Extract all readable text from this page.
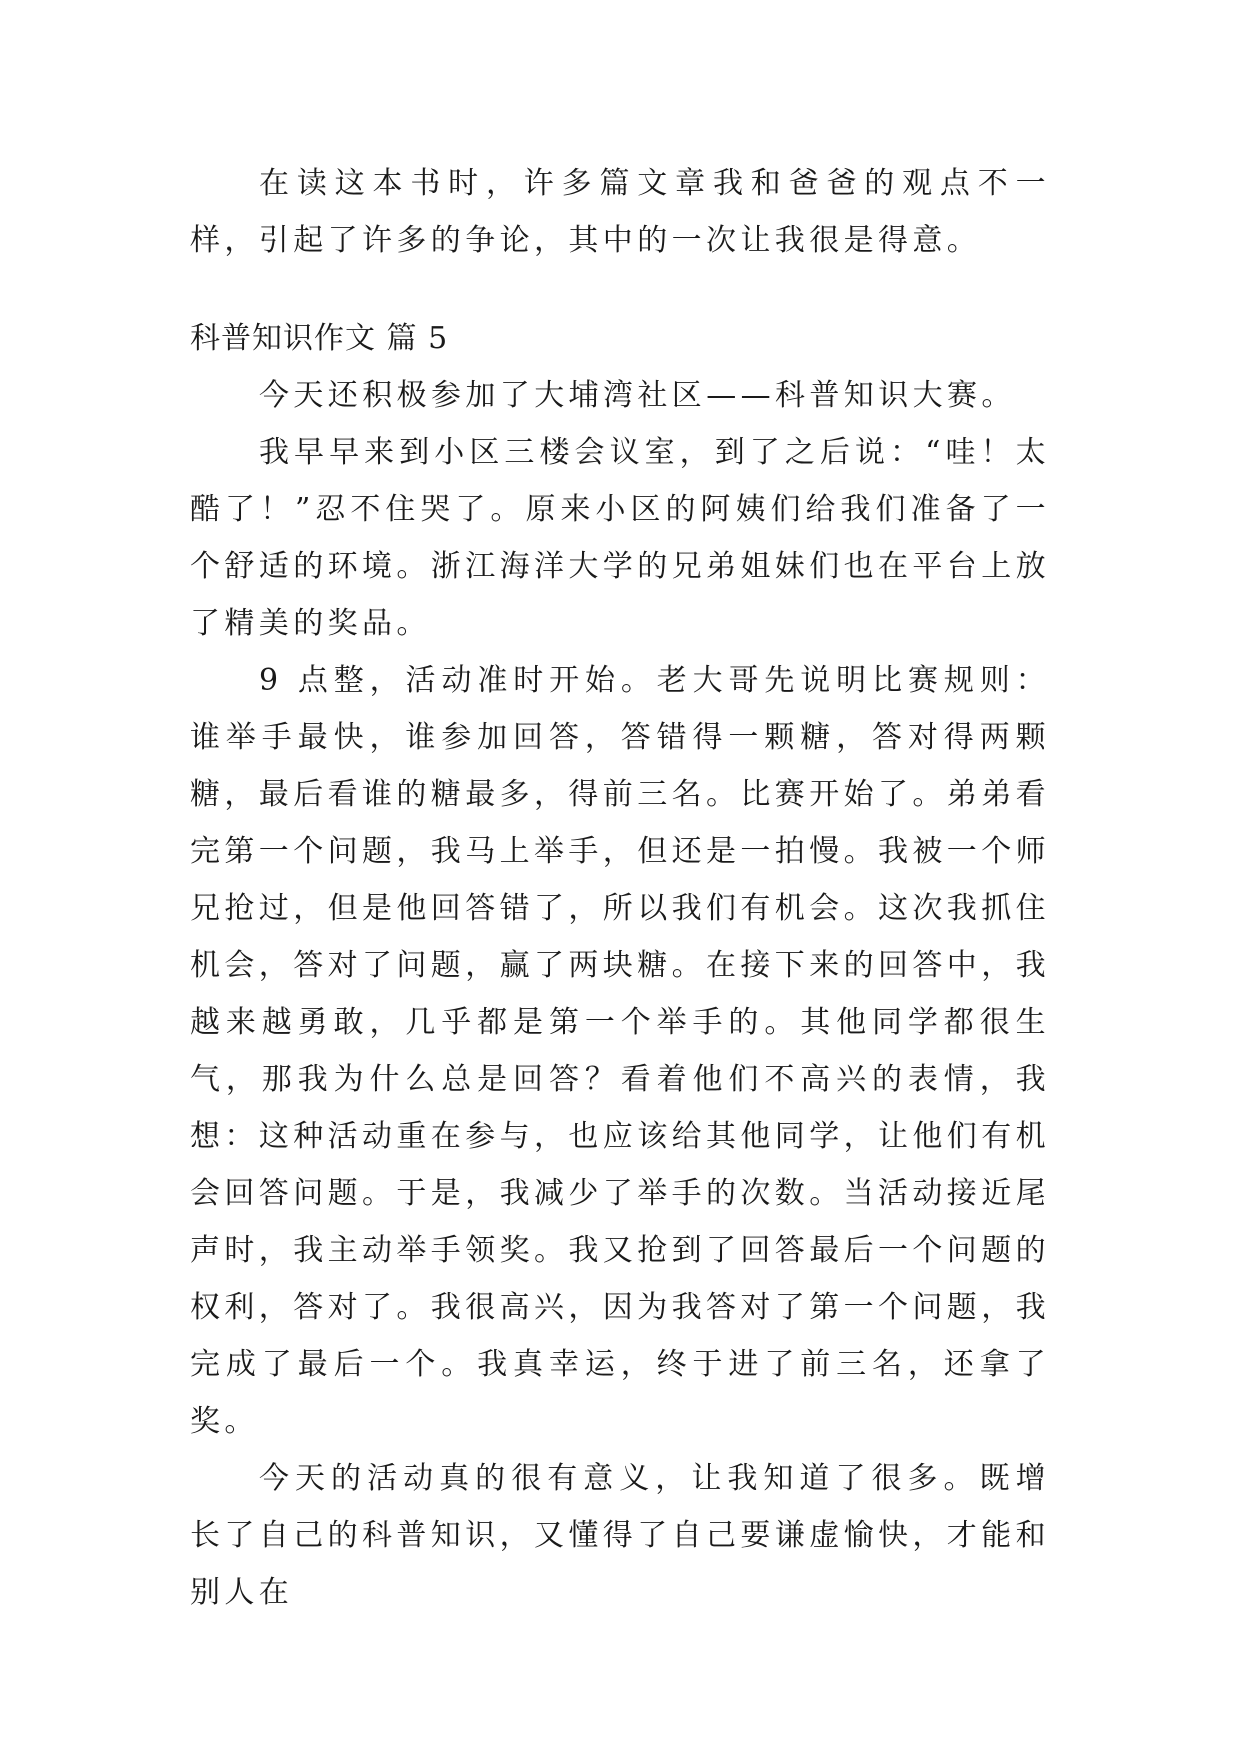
在读这本书时，许多篇文章我和爸爸的观点不一样，引起了许多的争论，其中的一次让我很是得意。

科普知识作文 篇 5

今天还积极参加了大埔湾社区——科普知识大赛。

我早早来到小区三楼会议室，到了之后说：“哇！太酷了！”忍不住哭了。原来小区的阿姨们给我们准备了一个舒适的环境。浙江海洋大学的兄弟姐妹们也在平台上放了精美的奖品。

9 点整，活动准时开始。老大哥先说明比赛规则：谁举手最快，谁参加回答，答错得一颗糖，答对得两颗糖，最后看谁的糖最多，得前三名。比赛开始了。弟弟看完第一个问题，我马上举手，但还是一拍慢。我被一个师兄抢过，但是他回答错了，所以我们有机会。这次我抓住机会，答对了问题，赢了两块糖。在接下来的回答中，我越来越勇敢，几乎都是第一个举手的。其他同学都很生气，那我为什么总是回答？看着他们不高兴的表情，我想：这种活动重在参与，也应该给其他同学，让他们有机会回答问题。于是，我减少了举手的次数。当活动接近尾声时，我主动举手领奖。我又抢到了回答最后一个问题的权利，答对了。我很高兴，因为我答对了第一个问题，我完成了最后一个。我真幸运，终于进了前三名，还拿了奖。

今天的活动真的很有意义，让我知道了很多。既增长了自己的科普知识，又懂得了自己要谦虚愉快，才能和别人在
